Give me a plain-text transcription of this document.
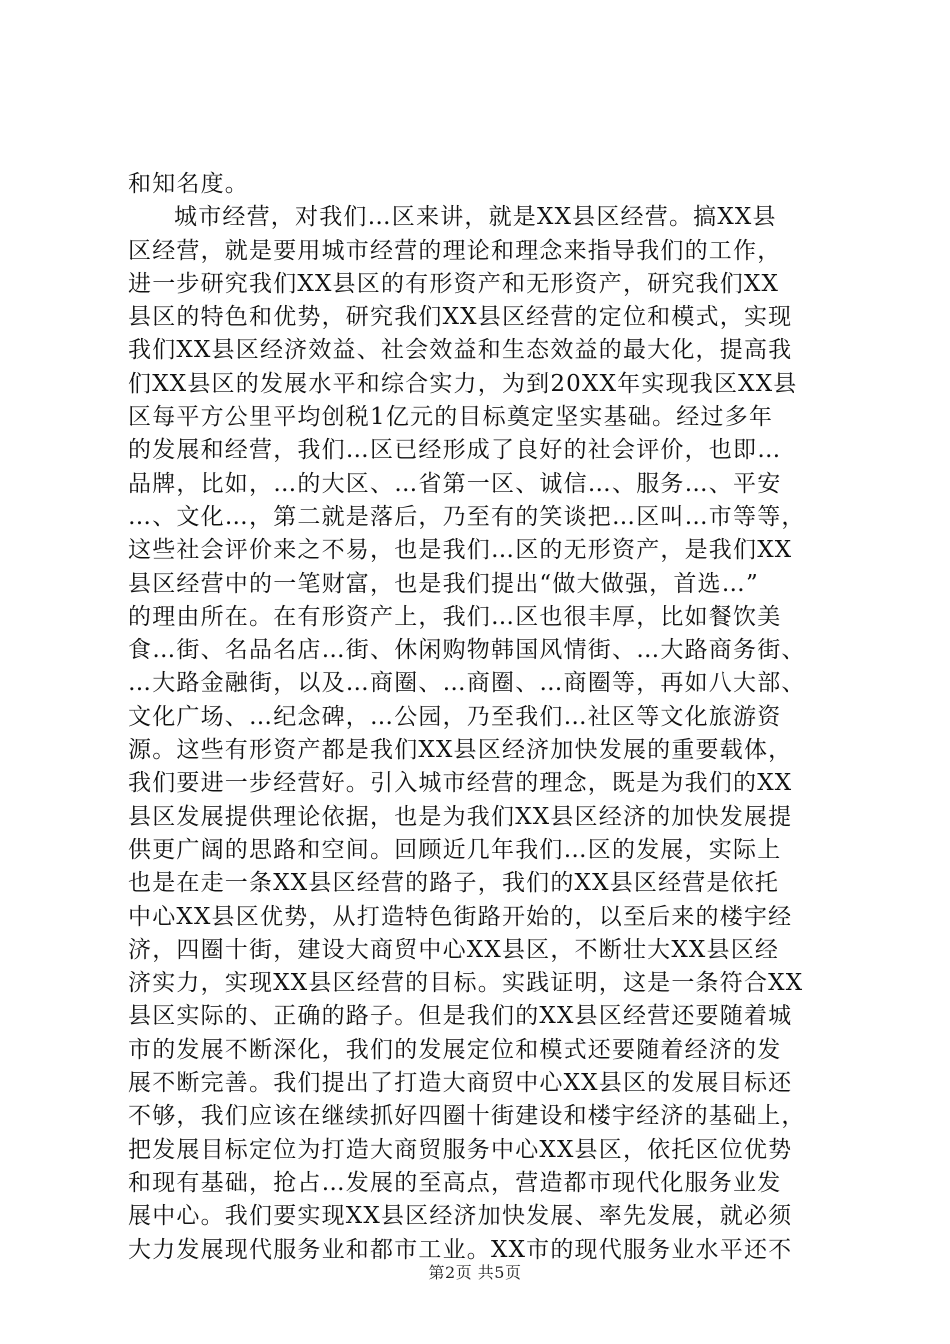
和知名度。
城市经营，对我们…区来讲，就是XX县区经营。搞XX县
区经营，就是要用城市经营的理论和理念来指导我们的工作，
进一步研究我们XX县区的有形资产和无形资产，研究我们XX
县区的特色和优势，研究我们XX县区经营的定位和模式，实现
我们XX县区经济效益、社会效益和生态效益的最大化，提高我
们XX县区的发展水平和综合实力，为到20XX年实现我区XX县
区每平方公里平均创税1亿元的目标奠定坚实基础。经过多年
的发展和经营，我们…区已经形成了良好的社会评价，也即…
品牌，比如，…的大区、…省第一区、诚信…、服务…、平安
…、文化…，第二就是落后，乃至有的笑谈把…区叫…市等等，
这些社会评价来之不易，也是我们…区的无形资产，是我们XX
县区经营中的一笔财富，也是我们提出“做大做强，首选…”
的理由所在。在有形资产上，我们…区也很丰厚，比如餐饮美
食…街、名品名店…街、休闲购物韩国风情街、…大路商务街、
…大路金融街，以及…商圈、…商圈、…商圈等，再如八大部、
文化广场、…纪念碑，…公园，乃至我们…社区等文化旅游资
源。这些有形资产都是我们XX县区经济加快发展的重要载体，
我们要进一步经营好。引入城市经营的理念，既是为我们的XX
县区发展提供理论依据，也是为我们XX县区经济的加快发展提
供更广阔的思路和空间。回顾近几年我们…区的发展，实际上
也是在走一条XX县区经营的路子，我们的XX县区经营是依托
中心XX县区优势，从打造特色街路开始的，以至后来的楼宇经
济，四圈十街，建设大商贸中心XX县区，不断壮大XX县区经
济实力，实现XX县区经营的目标。实践证明，这是一条符合XX
县区实际的、正确的路子。但是我们的XX县区经营还要随着城
市的发展不断深化，我们的发展定位和模式还要随着经济的发
展不断完善。我们提出了打造大商贸中心XX县区的发展目标还
不够，我们应该在继续抓好四圈十街建设和楼宇经济的基础上，
把发展目标定位为打造大商贸服务中心XX县区，依托区位优势
和现有基础，抢占…发展的至高点，营造都市现代化服务业发
展中心。我们要实现XX县区经济加快发展、率先发展，就必须
大力发展现代服务业和都市工业。XX市的现代服务业水平还不
第2页 共5页
